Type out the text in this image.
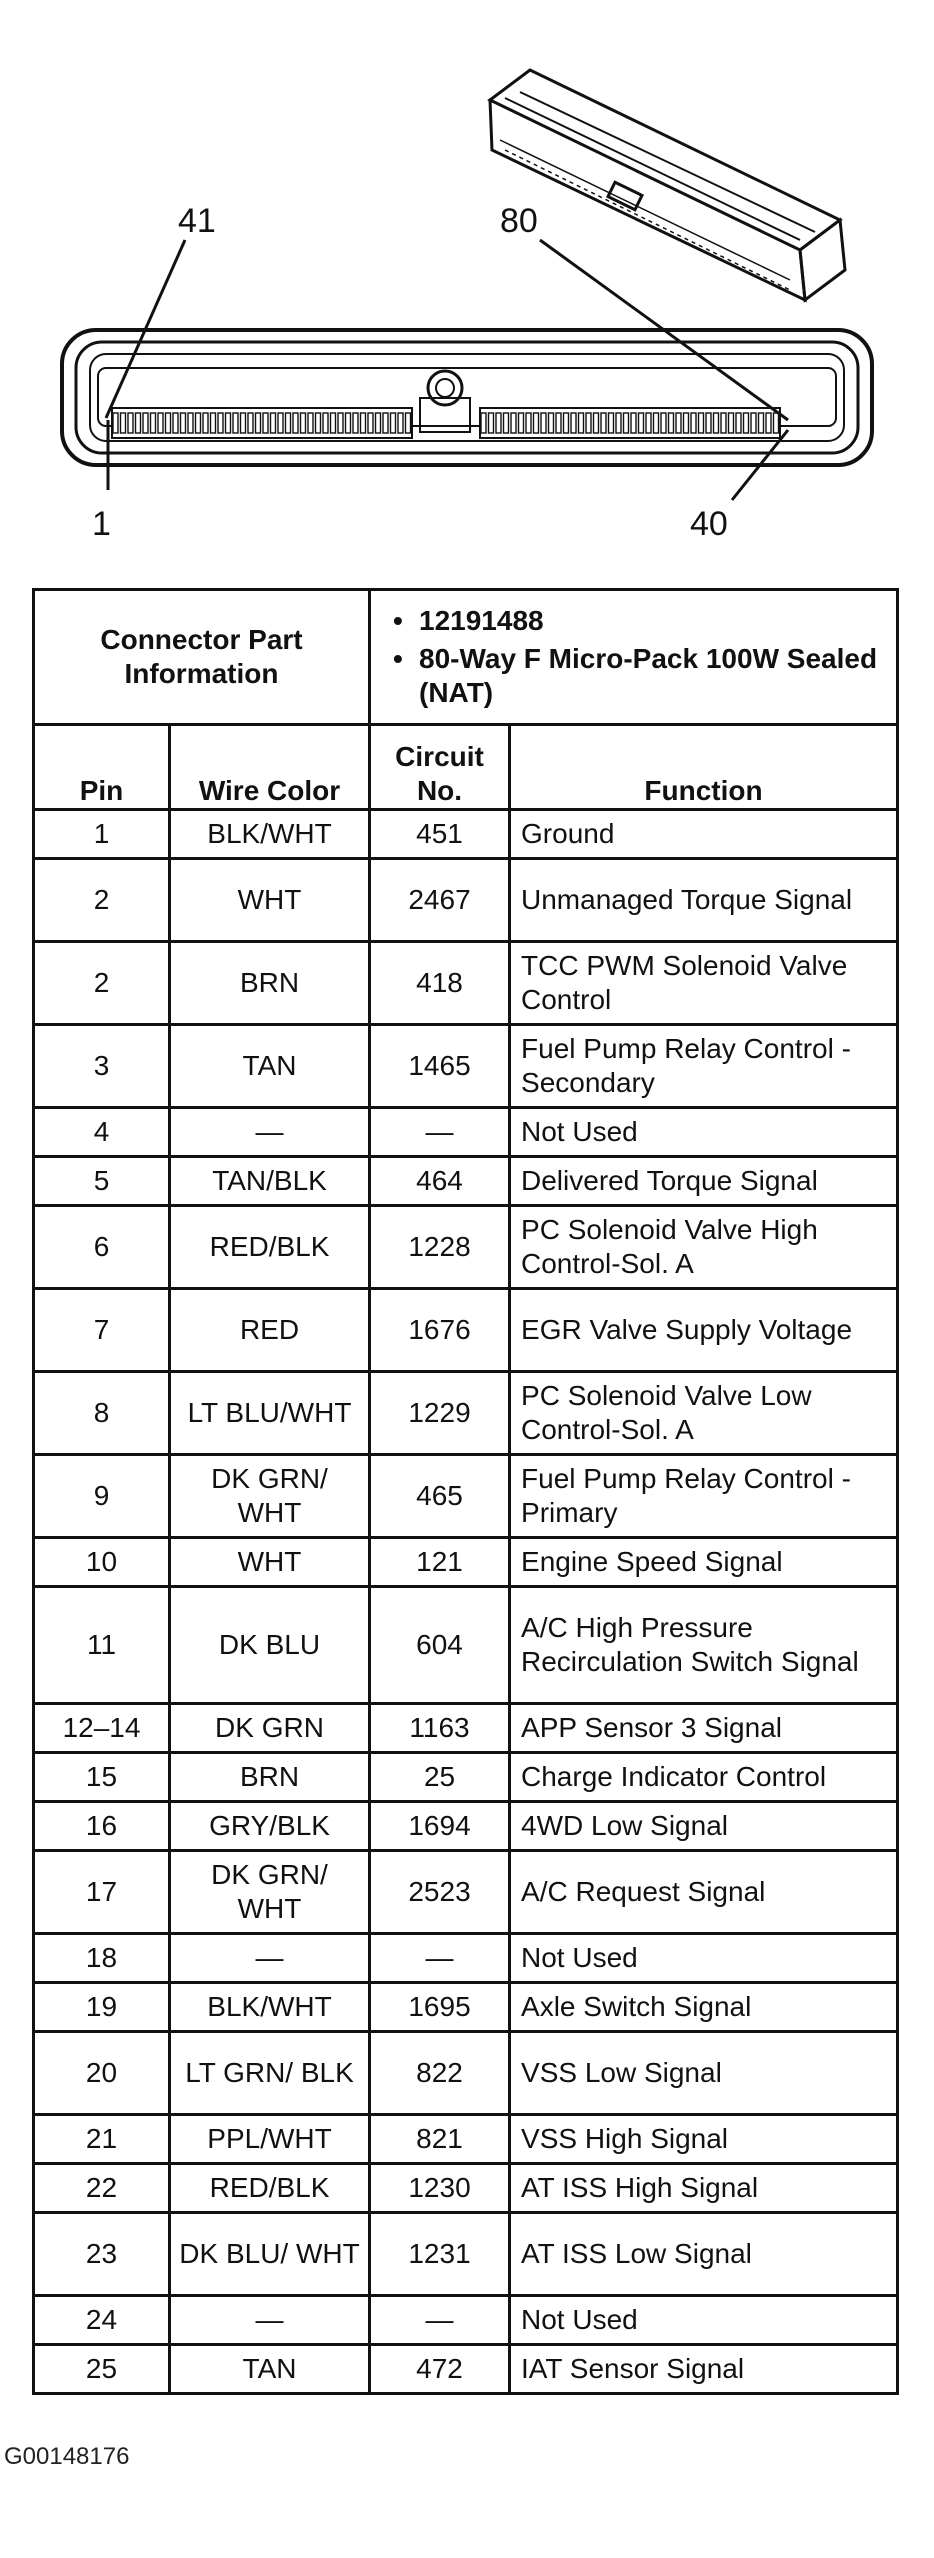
41	80
1	40
Connector Part Information		• 12191488
• 80-Way F Micro-Pack 100W Sealed (NAT)

Pin	Wire Color	Circuit No.	Function
1	BLK/WHT	451	Ground
2	WHT	2467	Unmanaged Torque Signal
2	BRN	418	TCC PWM Solenoid Valve Control
3	TAN	1465	Fuel Pump Relay Control - Secondary
4	—	—	Not Used
5	TAN/BLK	464	Delivered Torque Signal
6	RED/BLK	1228	PC Solenoid Valve High Control-Sol. A
7	RED	1676	EGR Valve Supply Voltage
8	LT BLU/WHT	1229	PC Solenoid Valve Low Control-Sol. A
9	DK GRN/ WHT	465	Fuel Pump Relay Control - Primary
10	WHT	121	Engine Speed Signal
11	DK BLU	604	A/C High Pressure Recirculation Switch Signal
12–14	DK GRN	1163	APP Sensor 3 Signal
15	BRN	25	Charge Indicator Control
16	GRY/BLK	1694	4WD Low Signal
17	DK GRN/ WHT	2523	A/C Request Signal
18	—	—	Not Used
19	BLK/WHT	1695	Axle Switch Signal
20	LT GRN/ BLK	822	VSS Low Signal
21	PPL/WHT	821	VSS High Signal
22	RED/BLK	1230	AT ISS High Signal
23	DK BLU/ WHT	1231	AT ISS Low Signal
24	—	—	Not Used
25	TAN	472	IAT Sensor Signal
G00148176
